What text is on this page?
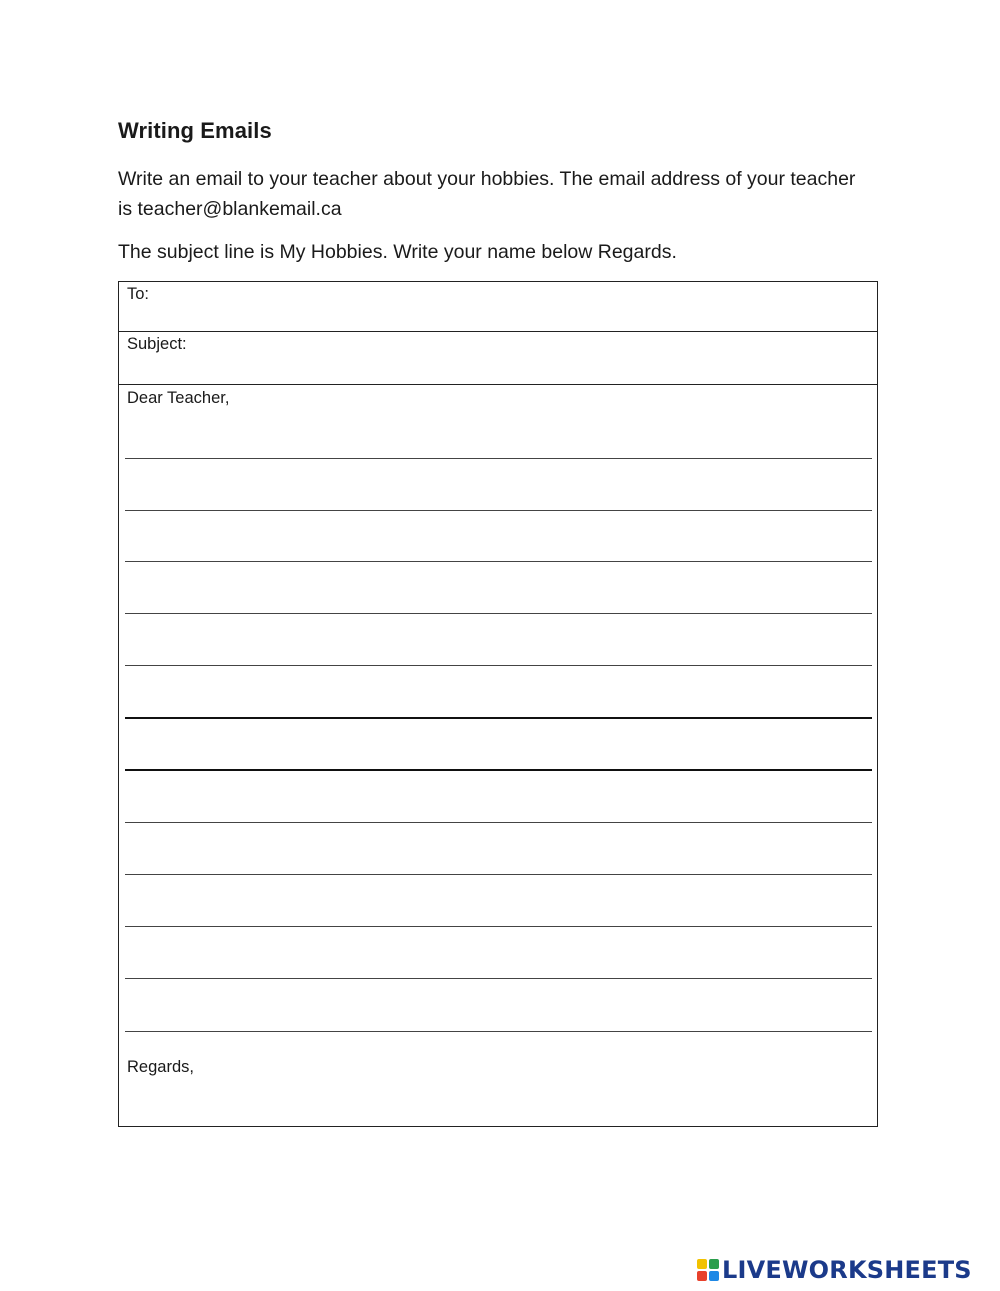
Writing Emails
Write an email to your teacher about your hobbies. The email address of your teacher is teacher@blankemail.ca
The subject line is My Hobbies. Write your name below Regards.
To:
Subject:
Dear Teacher,
Regards,
LIVEWORKSHEETS
